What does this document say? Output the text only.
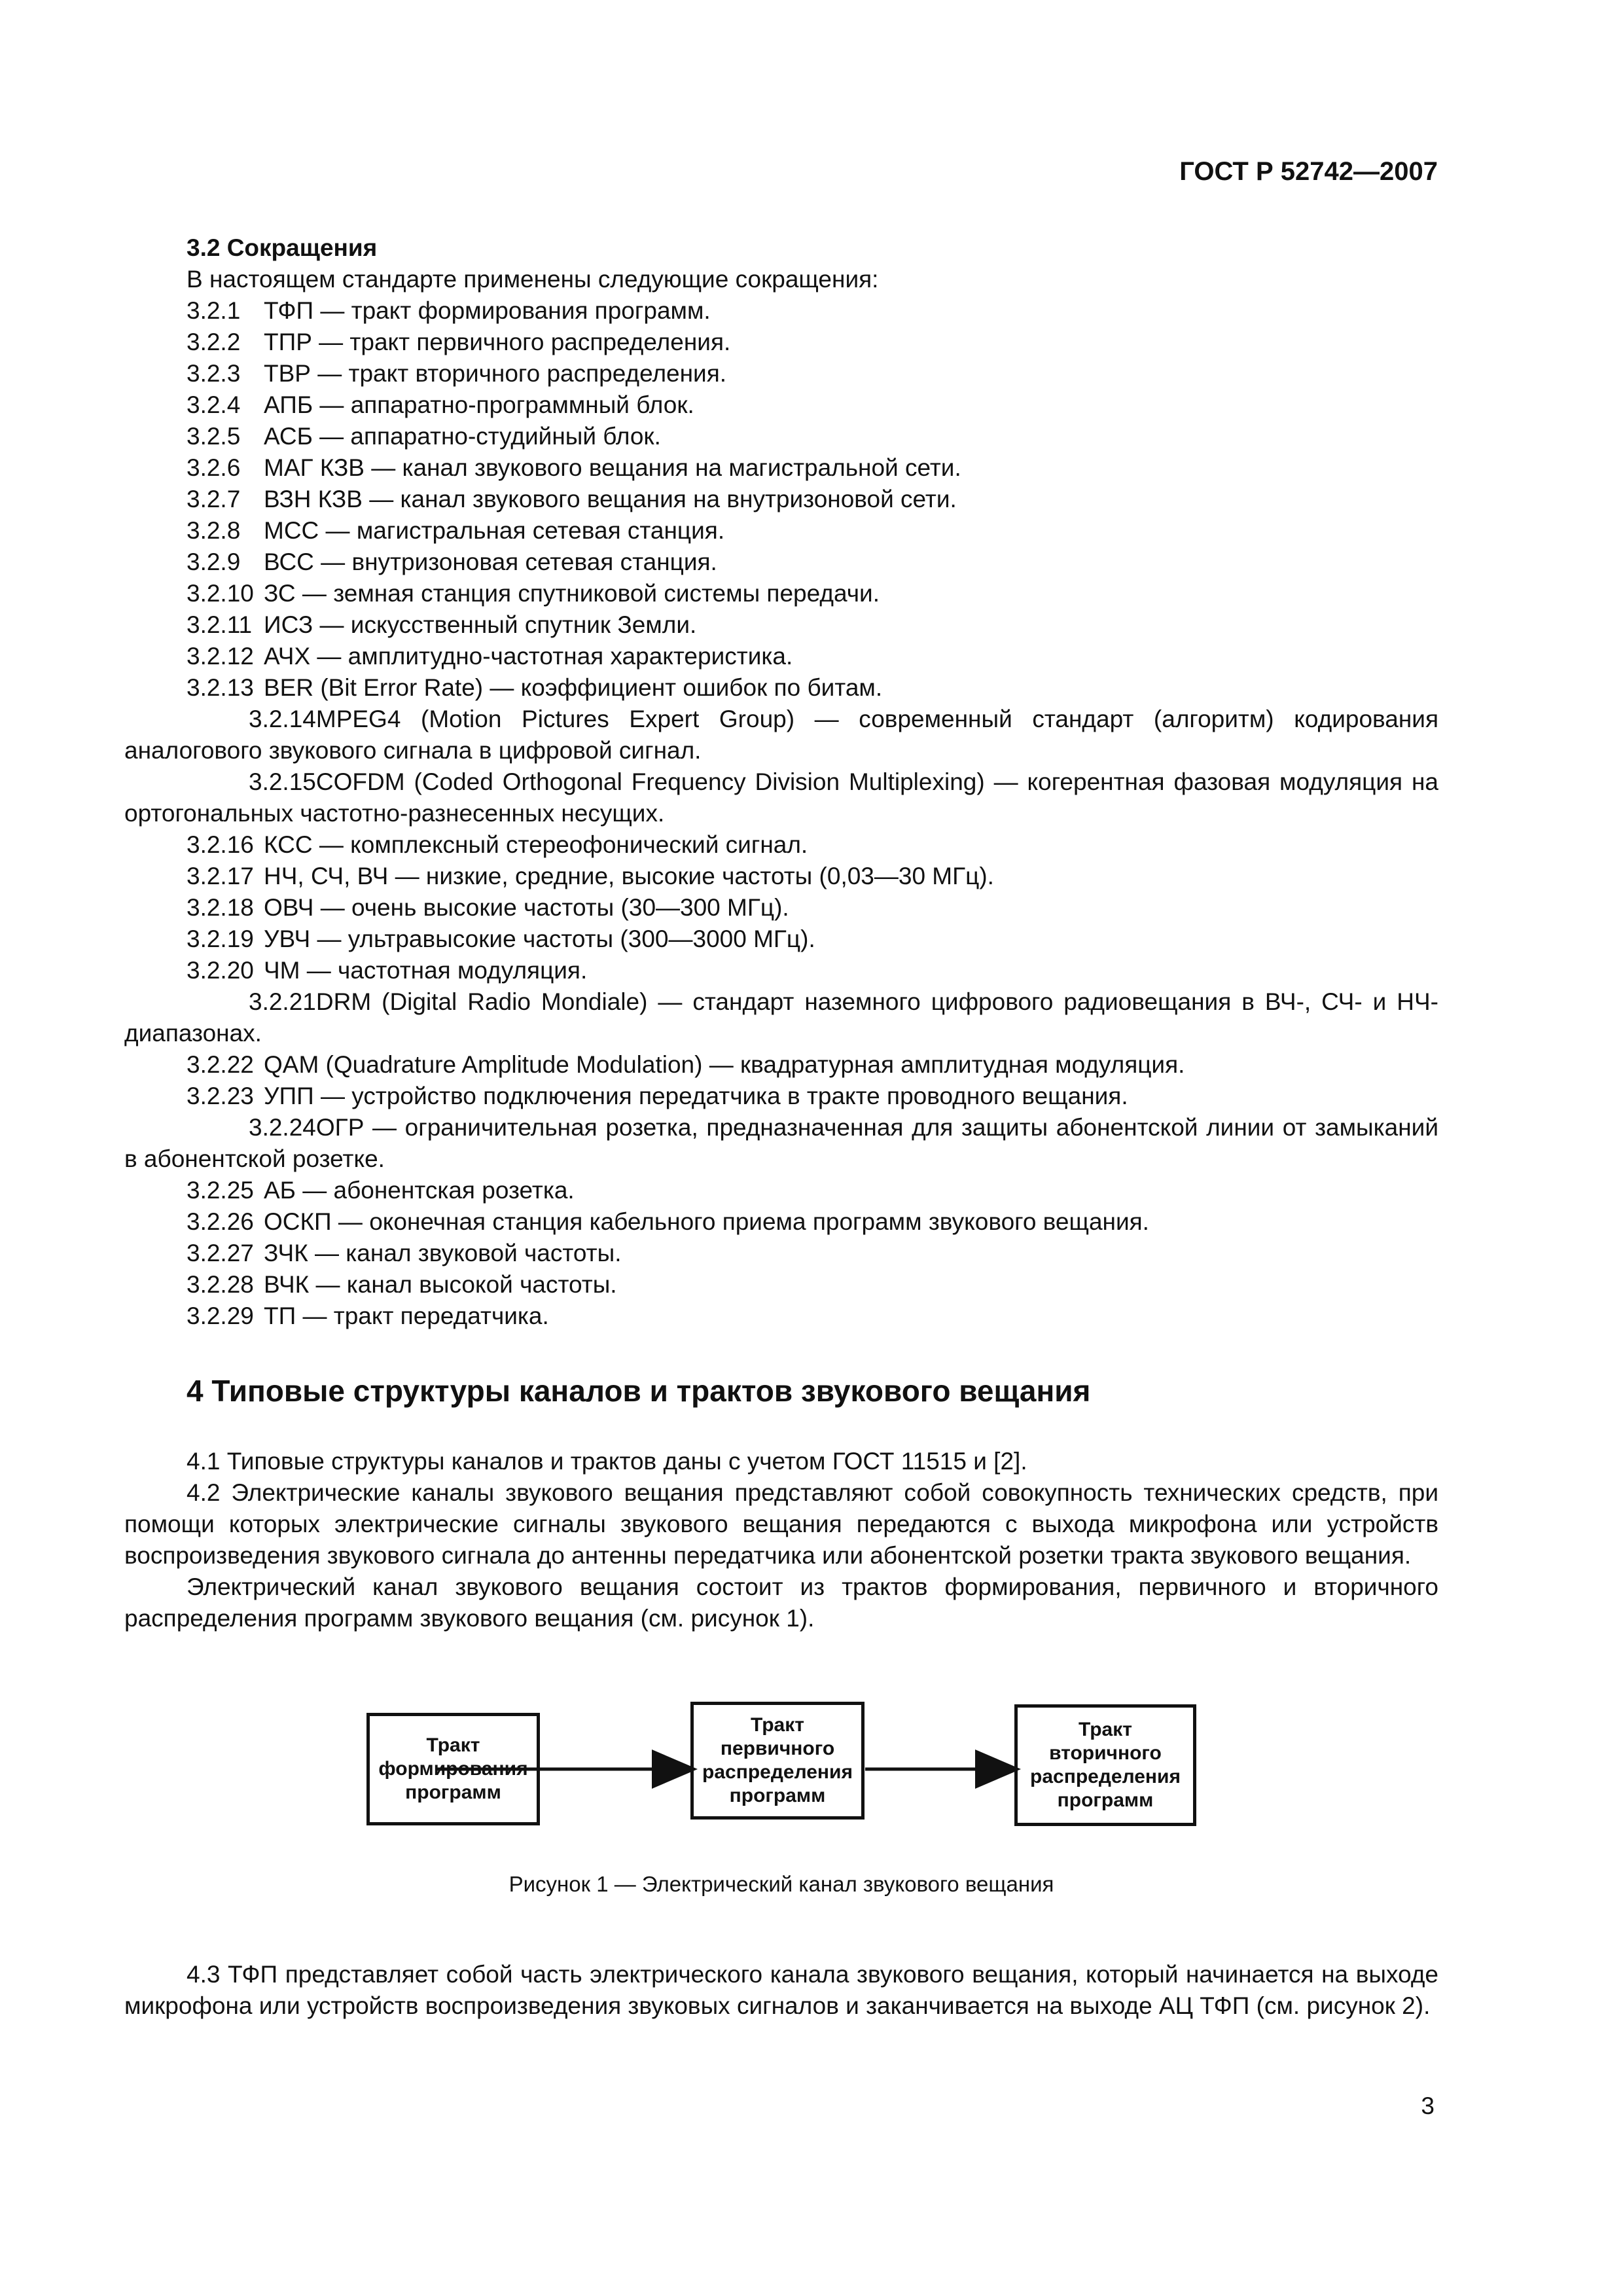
ГОСТ Р 52742—2007

3.2 Сокращения

В настоящем стандарте применены следующие сокращения:

3.2.1 ТФП — тракт формирования программ.

3.2.2 ТПР — тракт первичного распределения.

3.2.3 ТВР — тракт вторичного распределения.

3.2.4 АПБ — аппаратно-программный блок.

3.2.5 АСБ — аппаратно-студийный блок.

3.2.6 МАГ КЗВ — канал звукового вещания на магистральной сети.

3.2.7 ВЗН КЗВ — канал звукового вещания на внутризоновой сети.

3.2.8 МСС — магистральная сетевая станция.

3.2.9 ВСС — внутризоновая сетевая станция.

3.2.10 ЗС — земная станция спутниковой системы передачи.

3.2.11 ИСЗ — искусственный спутник Земли.

3.2.12 АЧХ — амплитудно-частотная характеристика.

3.2.13 BER (Bit Error Rate) — коэффициент ошибок по битам.

3.2.14MPEG4 (Motion Pictures Expert Group) — современный стандарт (алгоритм) кодирования аналогового звукового сигнала в цифровой сигнал.

3.2.15COFDM (Coded Orthogonal Frequency Division Multiplexing) — когерентная фазовая модуляция на ортогональных частотно-разнесенных несущих.

3.2.16 КСС — комплексный стереофонический сигнал.

3.2.17 НЧ, СЧ, ВЧ — низкие, средние, высокие частоты (0,03—30 МГц).

3.2.18 ОВЧ — очень высокие частоты (30—300 МГц).

3.2.19 УВЧ — ультравысокие частоты (300—3000 МГц).

3.2.20 ЧМ — частотная модуляция.

3.2.21DRM (Digital Radio Mondiale) — стандарт наземного цифрового радиовещания в ВЧ-, СЧ- и НЧ-диапазонах.

3.2.22 QAM (Quadrature Amplitude Modulation) — квадратурная амплитудная модуляция.

3.2.23 УПП — устройство подключения передатчика в тракте проводного вещания.

3.2.24ОГР — ограничительная розетка, предназначенная для защиты абонентской линии от замыканий в абонентской розетке.

3.2.25 АБ — абонентская розетка.

3.2.26 ОСКП — оконечная станция кабельного приема программ звукового вещания.

3.2.27 ЗЧК — канал звуковой частоты.

3.2.28 ВЧК — канал высокой частоты.

3.2.29 ТП — тракт передатчика.

4 Типовые структуры каналов и трактов звукового вещания

4.1 Типовые структуры каналов и трактов даны с учетом ГОСТ 11515 и [2].

4.2 Электрические каналы звукового вещания представляют собой совокупность технических средств, при помощи которых электрические сигналы звукового вещания передаются с выхода микрофона или устройств воспроизведения звукового сигнала до антенны передатчика или абонентской розетки тракта звукового вещания.

Электрический канал звукового вещания состоит из трактов формирования, первичного и вторичного распределения программ звукового вещания (см. рисунок 1).

Тракт
формирования
программ
Тракт
первичного
распределения
программ
Тракт
вторичного
распределения
программ
Рисунок 1 — Электрический канал звукового вещания

4.3 ТФП представляет собой часть электрического канала звукового вещания, который начинается на выходе микрофона или устройств воспроизведения звуковых сигналов и заканчивается на выходе АЦ ТФП (см. рисунок 2).

3
